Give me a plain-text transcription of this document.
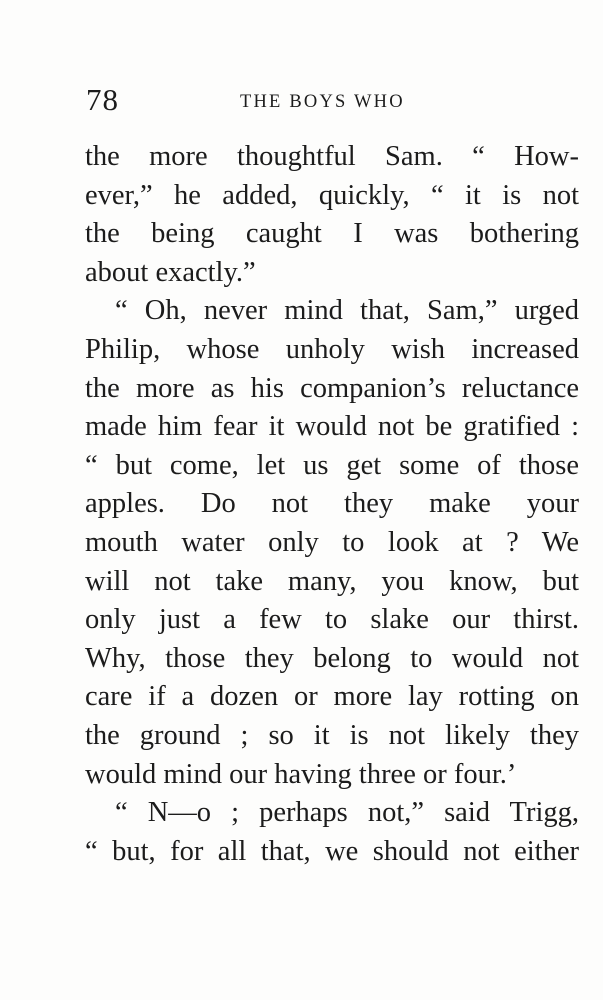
78	THE BOYS WHO
the more thoughtful Sam. “ How-
ever,” he added, quickly, “ it is not
the being caught I was bothering
about exactly.”
“ Oh, never mind that, Sam,” urged
Philip, whose unholy wish increased
the more as his companion’s reluctance
made him fear it would not be gratified :
“ but come, let us get some of those
apples. Do not they make your
mouth water only to look at ? We
will not take many, you know, but
only just a few to slake our thirst.
Why, those they belong to would not
care if a dozen or more lay rotting on
the ground ; so it is not likely they
would mind our having three or four.’
“ N—o ; perhaps not,” said Trigg,
“ but, for all that, we should not either
